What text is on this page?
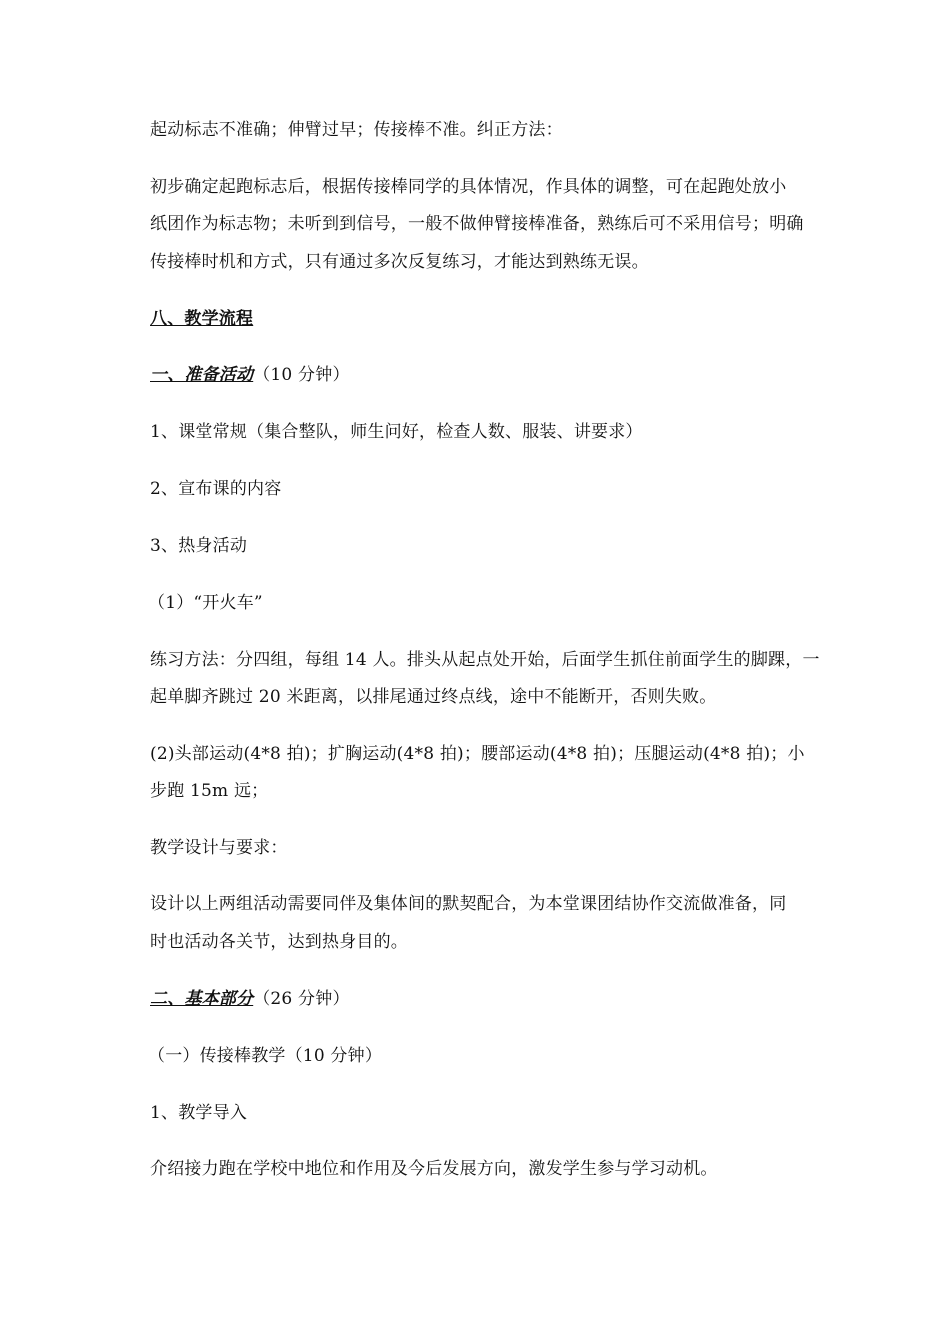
起动标志不准确；伸臂过早；传接棒不准。纠正方法：
初步确定起跑标志后，根据传接棒同学的具体情况，作具体的调整，可在起跑处放小
纸团作为标志物；未听到到信号，一般不做伸臂接棒准备，熟练后可不采用信号；明确
传接棒时机和方式，只有通过多次反复练习，才能达到熟练无误。
八、教学流程
一、准备活动（10 分钟）
1、课堂常规（集合整队，师生问好，检查人数、服装、讲要求）
2、宣布课的内容
3、热身活动
（1）“开火车”
练习方法：分四组，每组 14 人。排头从起点处开始，后面学生抓住前面学生的脚踝，一
起单脚齐跳过 20 米距离，以排尾通过终点线，途中不能断开，否则失败。
(2)头部运动(4*8 拍)；扩胸运动(4*8 拍)；腰部运动(4*8 拍)；压腿运动(4*8 拍)；小
步跑 15m 远；
教学设计与要求：
设计以上两组活动需要同伴及集体间的默契配合，为本堂课团结协作交流做准备，同
时也活动各关节，达到热身目的。
二、基本部分（26 分钟）
（一）传接棒教学（10 分钟）
1、教学导入
介绍接力跑在学校中地位和作用及今后发展方向，激发学生参与学习动机。
